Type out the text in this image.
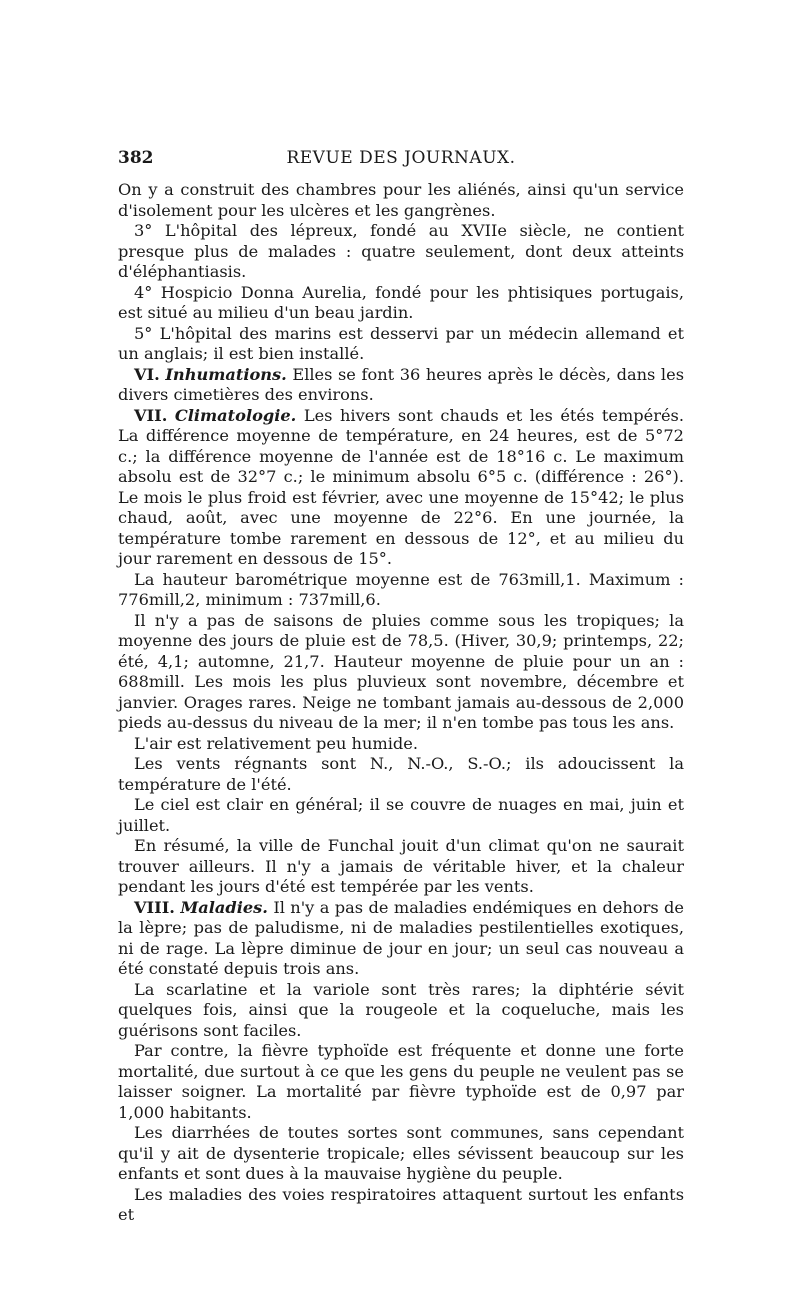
382	REVUE DES JOURNAUX.

On y a construit des chambres pour les aliénés, ainsi qu'un service d'isolement pour les ulcères et les gangrènes.

3° L'hôpital des lépreux, fondé au XVIIe siècle, ne contient presque plus de malades : quatre seulement, dont deux atteints d'éléphantiasis.

4° Hospicio Donna Aurelia, fondé pour les phtisiques portugais, est situé au milieu d'un beau jardin.

5° L'hôpital des marins est desservi par un médecin allemand et un anglais; il est bien installé.

VI. Inhumations. Elles se font 36 heures après le décès, dans les divers cimetières des environs.

VII. Climatologie. Les hivers sont chauds et les étés tempérés. La différence moyenne de température, en 24 heures, est de 5°72 c.; la différence moyenne de l'année est de 18°16 c. Le maximum absolu est de 32°7 c.; le minimum absolu 6°5 c. (différence : 26°). Le mois le plus froid est février, avec une moyenne de 15°42; le plus chaud, août, avec une moyenne de 22°6. En une journée, la température tombe rarement en dessous de 12°, et au milieu du jour rarement en dessous de 15°.

La hauteur barométrique moyenne est de 763mill,1. Maximum : 776mill,2, minimum : 737mill,6.

Il n'y a pas de saisons de pluies comme sous les tropiques; la moyenne des jours de pluie est de 78,5. (Hiver, 30,9; printemps, 22; été, 4,1; automne, 21,7. Hauteur moyenne de pluie pour un an : 688mill. Les mois les plus pluvieux sont novembre, décembre et janvier. Orages rares. Neige ne tombant jamais au-dessous de 2,000 pieds au-dessus du niveau de la mer; il n'en tombe pas tous les ans.

L'air est relativement peu humide.

Les vents régnants sont N., N.-O., S.-O.; ils adoucissent la température de l'été.

Le ciel est clair en général; il se couvre de nuages en mai, juin et juillet.

En résumé, la ville de Funchal jouit d'un climat qu'on ne saurait trouver ailleurs. Il n'y a jamais de véritable hiver, et la chaleur pendant les jours d'été est tempérée par les vents.

VIII. Maladies. Il n'y a pas de maladies endémiques en dehors de la lèpre; pas de paludisme, ni de maladies pestilentielles exotiques, ni de rage. La lèpre diminue de jour en jour; un seul cas nouveau a été constaté depuis trois ans.

La scarlatine et la variole sont très rares; la diphtérie sévit quelques fois, ainsi que la rougeole et la coqueluche, mais les guérisons sont faciles.

Par contre, la fièvre typhoïde est fréquente et donne une forte mortalité, due surtout à ce que les gens du peuple ne veulent pas se laisser soigner. La mortalité par fièvre typhoïde est de 0,97 par 1,000 habitants.

Les diarrhées de toutes sortes sont communes, sans cependant qu'il y ait de dysenterie tropicale; elles sévissent beaucoup sur les enfants et sont dues à la mauvaise hygiène du peuple.

Les maladies des voies respiratoires attaquent surtout les enfants et
